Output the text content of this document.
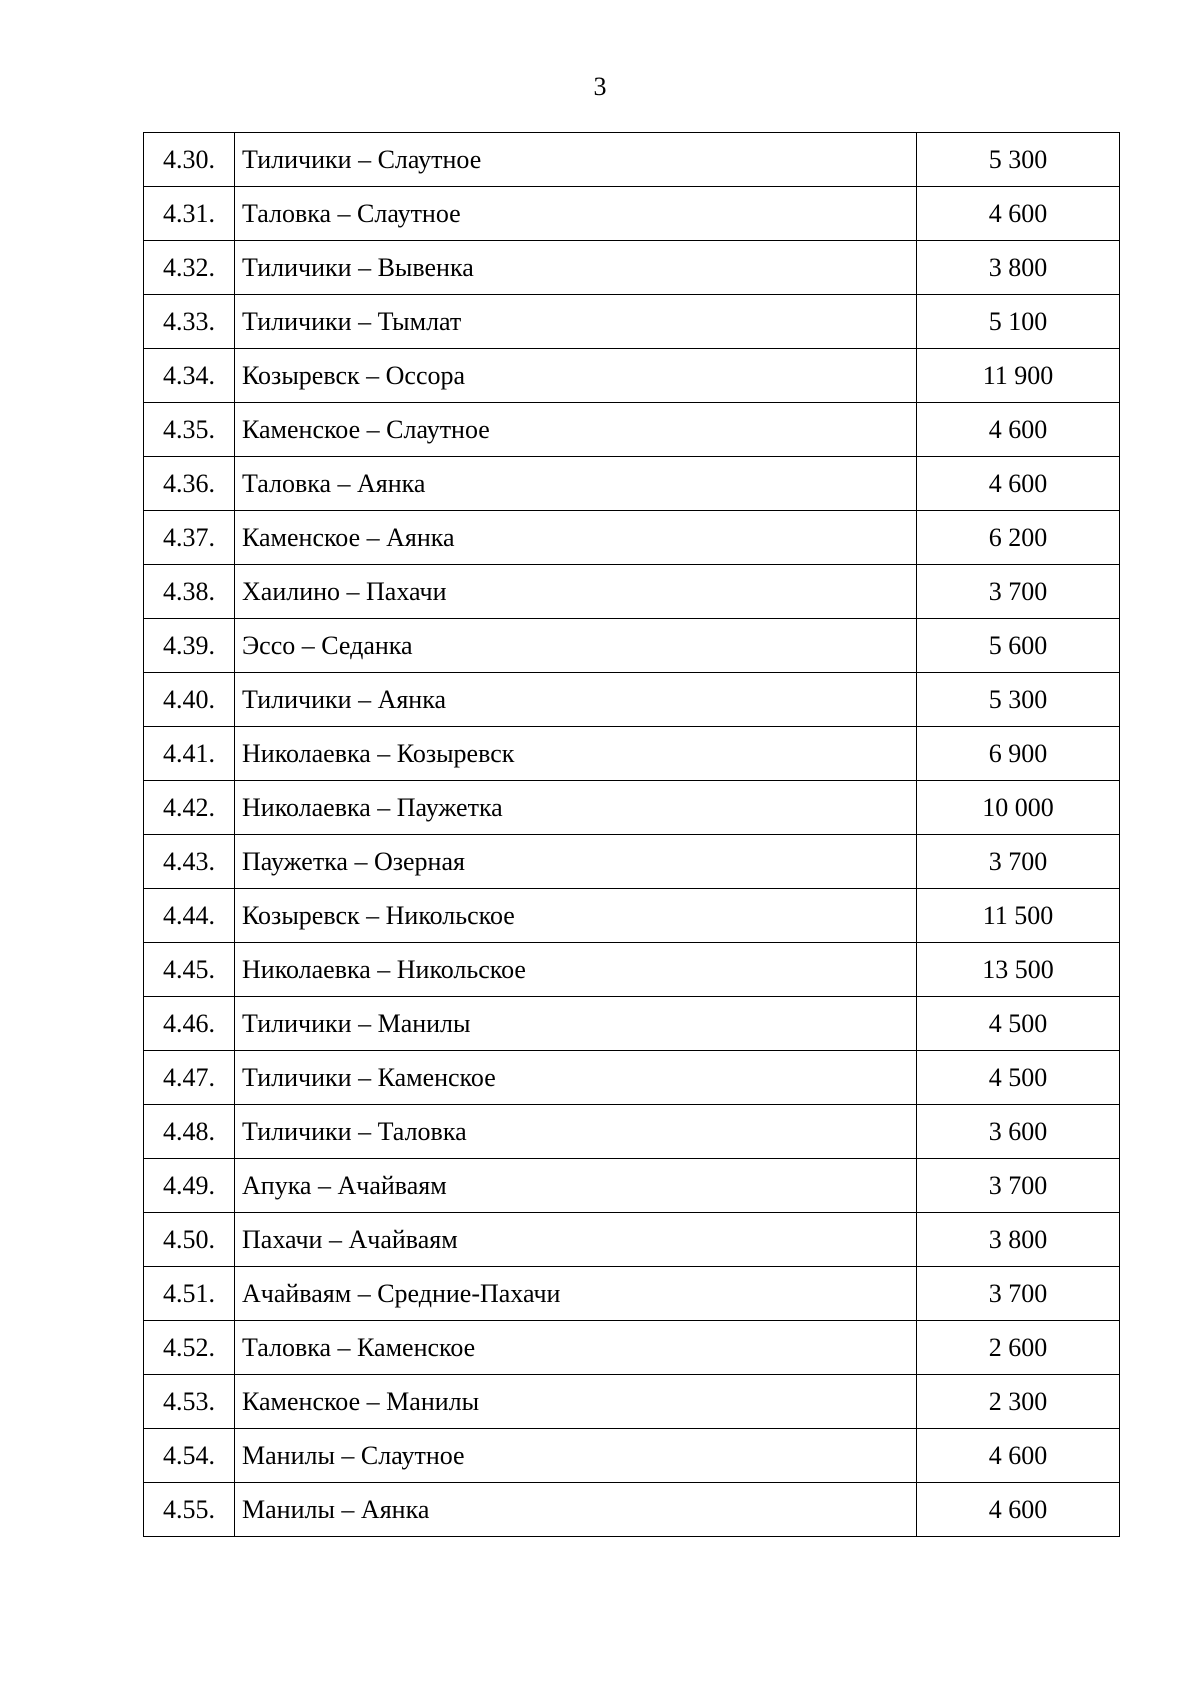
3
4.30.	Тиличики – Слаутное	5 300
4.31.	Таловка – Слаутное	4 600
4.32.	Тиличики – Вывенка	3 800
4.33.	Тиличики – Тымлат	5 100
4.34.	Козыревск – Оссора	11 900
4.35.	Каменское – Слаутное	4 600
4.36.	Таловка – Аянка	4 600
4.37.	Каменское – Аянка	6 200
4.38.	Хаилино – Пахачи	3 700
4.39.	Эссо – Седанка	5 600
4.40.	Тиличики – Аянка	5 300
4.41.	Николаевка – Козыревск	6 900
4.42.	Николаевка – Паужетка	10 000
4.43.	Паужетка – Озерная	3 700
4.44.	Козыревск – Никольское	11 500
4.45.	Николаевка – Никольское	13 500
4.46.	Тиличики – Манилы	4 500
4.47.	Тиличики – Каменское	4 500
4.48.	Тиличики – Таловка	3 600
4.49.	Апука – Ачайваям	3 700
4.50.	Пахачи – Ачайваям	3 800
4.51.	Ачайваям – Средние-Пахачи	3 700
4.52.	Таловка – Каменское	2 600
4.53.	Каменское – Манилы	2 300
4.54.	Манилы – Слаутное	4 600
4.55.	Манилы – Аянка	4 600
